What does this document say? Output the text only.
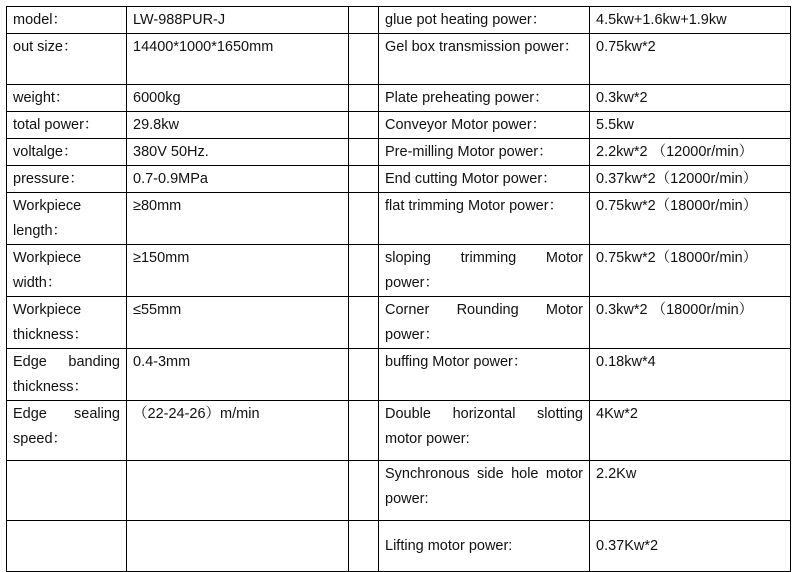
model：	LW-988PUR-J		glue pot heating power：	4.5kw+1.6kw+1.9kw
out size：	14400*1000*1650mm		Gel box transmission power：	0.75kw*2
weight：	6000kg		Plate preheating power：	0.3kw*2
total power：	29.8kw		Conveyor Motor power：	5.5kw
voltalge：	380V 50Hz.		Pre-milling Motor power：	2.2kw*2 （12000r/min）
pressure：	0.7-0.9MPa		End cutting Motor power：	0.37kw*2（12000r/min）
Workpiece length：	≥80mm		flat trimming Motor power：	0.75kw*2（18000r/min）
Workpiece width：	≥150mm		sloping trimming Motor power：	0.75kw*2（18000r/min）
Workpiece thickness：	≤55mm		Corner Rounding Motor power：	0.3kw*2 （18000r/min）
Edge banding thickness：	0.4-3mm		buffing Motor power：	0.18kw*4
Edge sealing speed：	（22-24-26）m/min		Double horizontal slotting motor power:	4Kw*2
			Synchronous side hole motor power:	2.2Kw
			Lifting motor power:	0.37Kw*2
